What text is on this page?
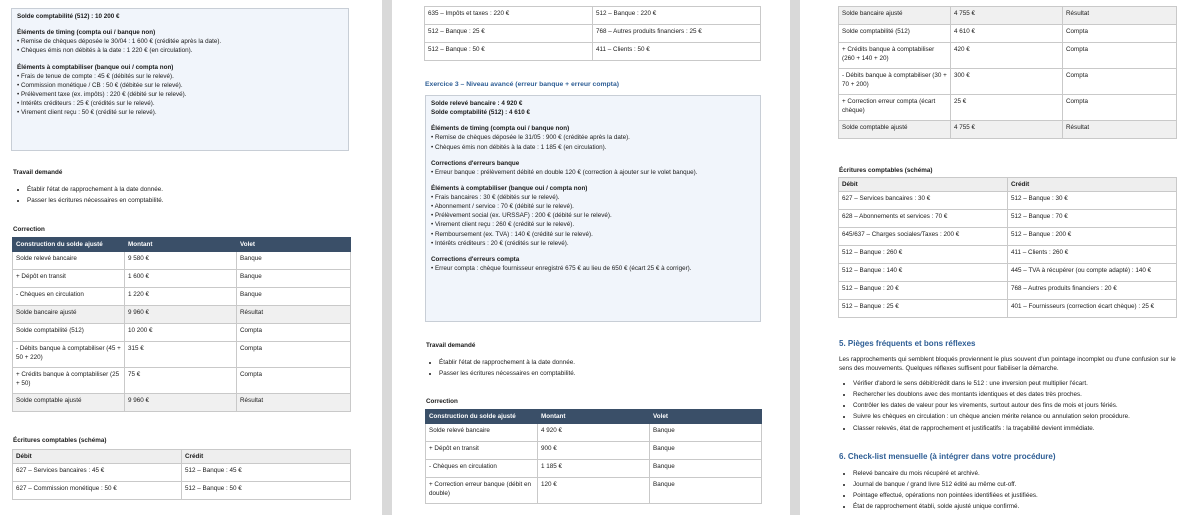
Solde comptabilité (512) : 10 200 €

Éléments de timing (compta oui / banque non)

• Remise de chèques déposée le 30/04 : 1 600 € (créditée après la date).

• Chèques émis non débités à la date : 1 220 € (en circulation).

Éléments à comptabiliser (banque oui / compta non)

• Frais de tenue de compte : 45 € (débités sur le relevé).

• Commission monétique / CB : 50 € (débitée sur le relevé).

• Prélèvement taxe (ex. impôts) : 220 € (débité sur le relevé).

• Intérêts créditeurs : 25 € (crédités sur le relevé).

• Virement client reçu : 50 € (crédité sur le relevé).

Travail demandé

• Établir l'état de rapprochement à la date donnée.
• Passer les écritures nécessaires en comptabilité.

Correction

Construction du solde ajusté	Montant	Volet
Solde relevé bancaire	9 580 €	Banque
+ Dépôt en transit	1 600 €	Banque
- Chèques en circulation	1 220 €	Banque
Solde bancaire ajusté	9 960 €	Résultat
Solde comptabilité (512)	10 200 €	Compta
- Débits banque à comptabiliser (45 + 50 + 220)	315 €	Compta
+ Crédits banque à comptabiliser (25 + 50)	75 €	Compta
Solde comptable ajusté	9 960 €	Résultat

Écritures comptables (schéma)

Débit	Crédit
627 – Services bancaires : 45 €	512 – Banque : 45 €
627 – Commission monétique : 50 €	512 – Banque : 50 €
635 – Impôts et taxes : 220 €	512 – Banque : 220 €
512 – Banque : 25 €	768 – Autres produits financiers : 25 €
512 – Banque : 50 €	411 – Clients : 50 €

Exercice 3 – Niveau avancé (erreur banque + erreur compta)

Solde relevé bancaire : 4 920 €

Solde comptabilité (512) : 4 610 €

Éléments de timing (compta oui / banque non)

• Remise de chèques déposée le 31/05 : 900 € (créditée après la date).

• Chèques émis non débités à la date : 1 185 € (en circulation).

Corrections d'erreurs banque

• Erreur banque : prélèvement débité en double 120 € (correction à ajouter sur le volet banque).

Éléments à comptabiliser (banque oui / compta non)

• Frais bancaires : 30 € (débités sur le relevé).

• Abonnement / service : 70 € (débité sur le relevé).

• Prélèvement social (ex. URSSAF) : 200 € (débité sur le relevé).

• Virement client reçu : 260 € (crédité sur le relevé).

• Remboursement (ex. TVA) : 140 € (crédité sur le relevé).

• Intérêts créditeurs : 20 € (crédités sur le relevé).

Corrections d'erreurs compta

• Erreur compta : chèque fournisseur enregistré 675 € au lieu de 650 € (écart 25 € à corriger).

Travail demandé

• Établir l'état de rapprochement à la date donnée.
• Passer les écritures nécessaires en comptabilité.

Correction

Construction du solde ajusté	Montant	Volet
Solde relevé bancaire	4 920 €	Banque
+ Dépôt en transit	900 €	Banque
- Chèques en circulation	1 185 €	Banque
+ Correction erreur banque (débit en double)	120 €	Banque
Solde bancaire ajusté	4 755 €	Résultat
Solde comptabilité (512)	4 610 €	Compta
+ Crédits banque à comptabiliser (260 + 140 + 20)	420 €	Compta
- Débits banque à comptabiliser (30 + 70 + 200)	300 €	Compta
+ Correction erreur compta (écart chèque)	25 €	Compta
Solde comptable ajusté	4 755 €	Résultat

Écritures comptables (schéma)

Débit	Crédit
627 – Services bancaires : 30 €	512 – Banque : 30 €
628 – Abonnements et services : 70 €	512 – Banque : 70 €
645/637 – Charges sociales/Taxes : 200 €	512 – Banque : 200 €
512 – Banque : 260 €	411 – Clients : 260 €
512 – Banque : 140 €	445 – TVA à récupérer (ou compte adapté) : 140 €
512 – Banque : 20 €	768 – Autres produits financiers : 20 €
512 – Banque : 25 €	401 – Fournisseurs (correction écart chèque) : 25 €

5. Pièges fréquents et bons réflexes

Les rapprochements qui semblent bloqués proviennent le plus souvent d'un pointage incomplet ou d'une confusion sur le sens des mouvements. Quelques réflexes suffisent pour fiabiliser la démarche.

• Vérifier d'abord le sens débit/crédit dans le 512 : une inversion peut multiplier l'écart.
• Rechercher les doublons avec des montants identiques et des dates très proches.
• Contrôler les dates de valeur pour les virements, surtout autour des fins de mois et jours fériés.
• Suivre les chèques en circulation : un chèque ancien mérite relance ou annulation selon procédure.
• Classer relevés, état de rapprochement et justificatifs : la traçabilité devient immédiate.

6. Check-list mensuelle (à intégrer dans votre procédure)

• Relevé bancaire du mois récupéré et archivé.
• Journal de banque / grand livre 512 édité au même cut-off.
• Pointage effectué, opérations non pointées identifiées et justifiées.
• État de rapprochement établi, solde ajusté unique confirmé.
